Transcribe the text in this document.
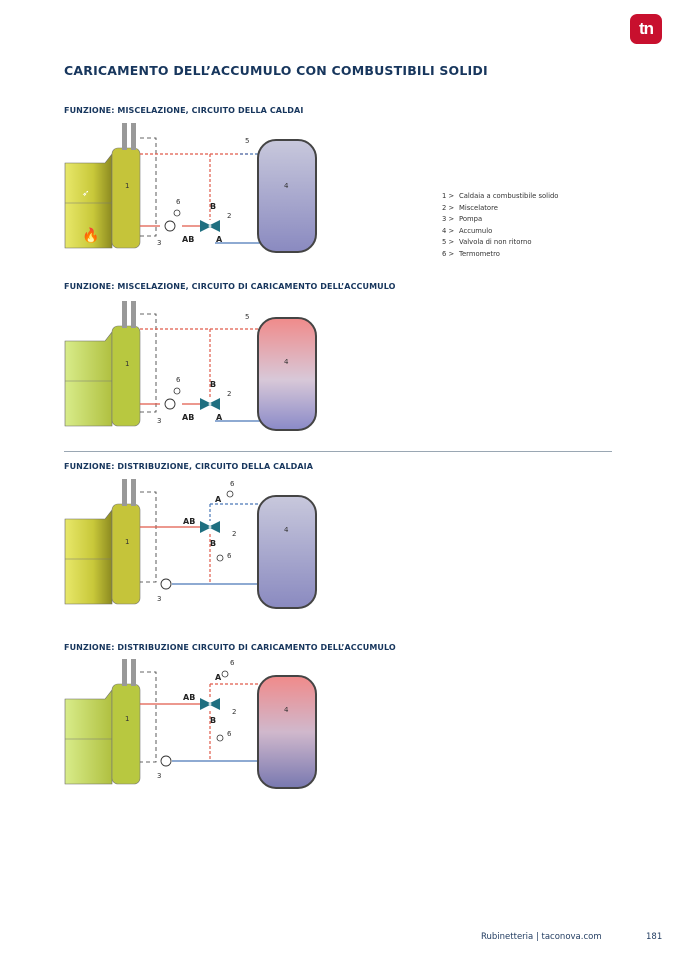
tn
CARICAMENTO DELL’ACCUMULO CON COMBUSTIBILI SOLIDI
FUNZIONE: MISCELAZIONE, CIRCUITO DELLA CALDAI
FUNZIONE: MISCELAZIONE, CIRCUITO DI CARICAMENTO DELL’ACCUMULO
FUNZIONE: DISTRIBUZIONE, CIRCUITO DELLA CALDAIA
FUNZIONE: DISTRIBUZIONE CIRCUITO DI CARICAMENTO DELL’ACCUMULO
➶
🔥
1
2
3
4
5
6	B
AB	A
1 > Caldaia a combustibile solido
2 > Miscelatore
3 > Pompa
4 > Accumulo
5 > Valvola di non ritorno
6 > Termometro
1
2
3
4
5
6	B
AB	A
1
2
3
4
6
6
A
AB
B
1
2
3
4
6
6
A
AB
B
Rubinetteria | taconova.com	181
